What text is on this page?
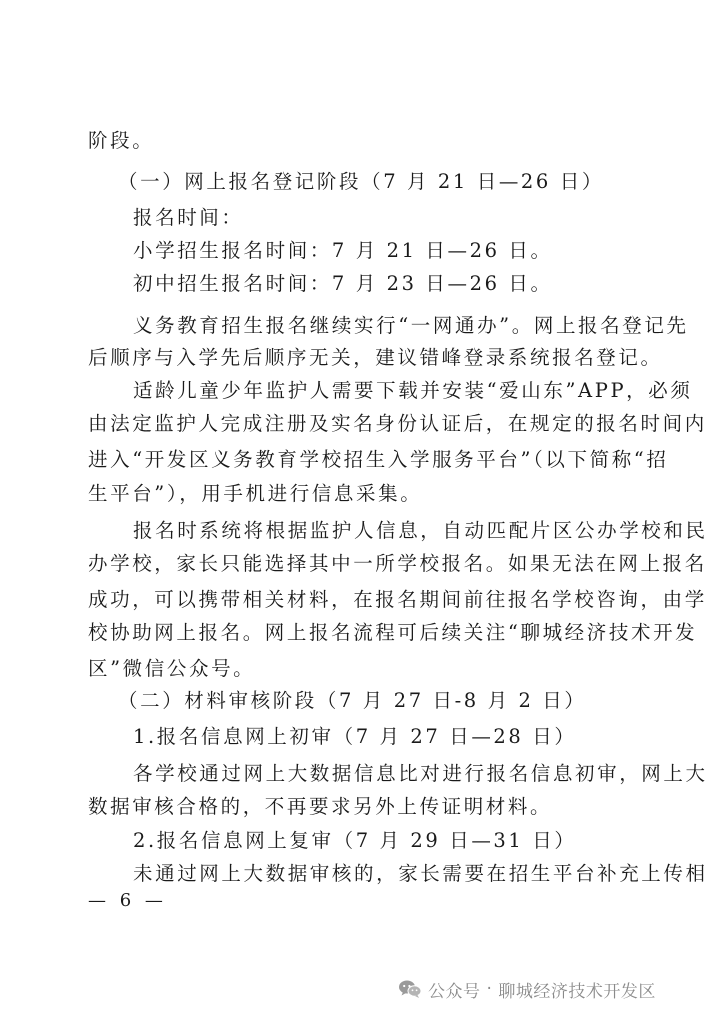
阶段。
（一）网上报名登记阶段（7 月 21 日—26 日）
报名时间：
小学招生报名时间：7 月 21 日—26 日。
初中招生报名时间：7 月 23 日—26 日。
义务教育招生报名继续实行“一网通办”。网上报名登记先
后顺序与入学先后顺序无关，建议错峰登录系统报名登记。
适龄儿童少年监护人需要下载并安装“爱山东”APP，必须
由法定监护人完成注册及实名身份认证后，在规定的报名时间内
进入“开发区义务教育学校招生入学服务平台”（以下简称“招
生平台”），用手机进行信息采集。
报名时系统将根据监护人信息，自动匹配片区公办学校和民
办学校，家长只能选择其中一所学校报名。如果无法在网上报名
成功，可以携带相关材料，在报名期间前往报名学校咨询，由学
校协助网上报名。网上报名流程可后续关注“聊城经济技术开发
区”微信公众号。
（二）材料审核阶段（7 月 27 日-8 月 2 日）
1.报名信息网上初审（7 月 27 日—28 日）
各学校通过网上大数据信息比对进行报名信息初审，网上大
数据审核合格的，不再要求另外上传证明材料。
2.报名信息网上复审（7 月 29 日—31 日）
未通过网上大数据审核的，家长需要在招生平台补充上传相
— 6 —
公众号 · 聊城经济技术开发区
